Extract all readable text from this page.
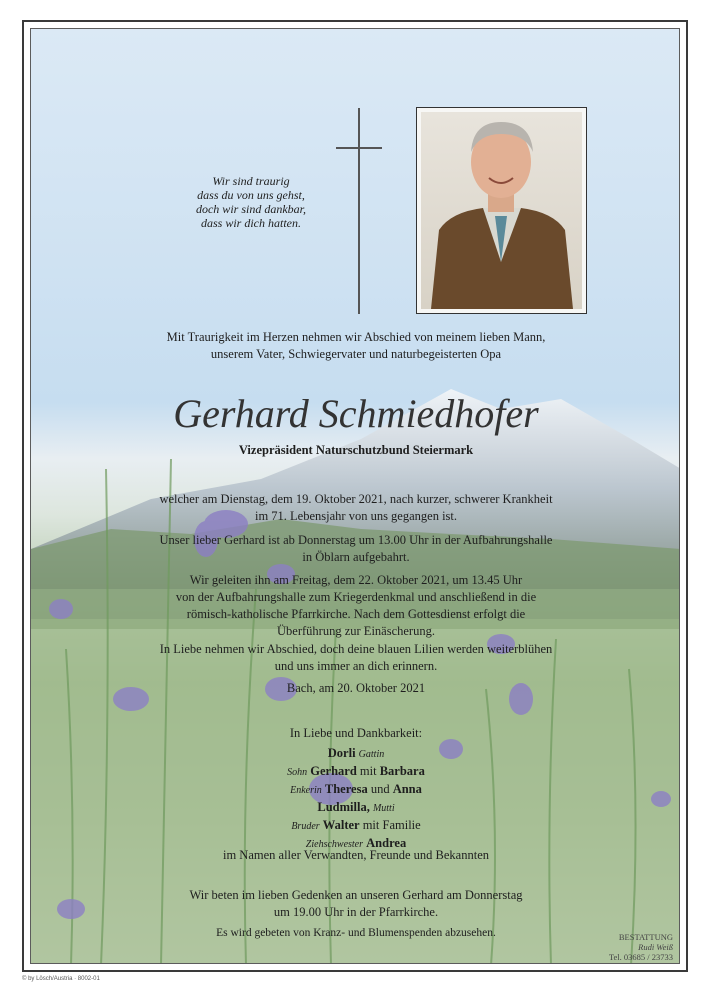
Wir sind traurig
dass du von uns gehst,
doch wir sind dankbar,
dass wir dich hatten.
Mit Traurigkeit im Herzen nehmen wir Abschied von meinem lieben Mann,
unserem Vater, Schwiegervater und naturbegeisterten Opa
Gerhard Schmiedhofer
Vizepräsident Naturschutzbund Steiermark
welcher am Dienstag, dem 19. Oktober 2021, nach kurzer, schwerer Krankheit
im 71. Lebensjahr von uns gegangen ist.
Unser lieber Gerhard ist ab Donnerstag um 13.00 Uhr in der Aufbahrungshalle
in Öblarn aufgebahrt.
Wir geleiten ihn am Freitag, dem 22. Oktober 2021, um 13.45 Uhr
von der Aufbahrungshalle zum Kriegerdenkmal und anschließend in die
römisch-katholische Pfarrkirche. Nach dem Gottesdienst erfolgt die
Überführung zur Einäscherung.
In Liebe nehmen wir Abschied, doch deine blauen Lilien werden weiterblühen
und uns immer an dich erinnern.
Bach, am 20. Oktober 2021
In Liebe und Dankbarkeit:
Dorli Gattin
Sohn Gerhard mit Barbara
Enkerin Theresa und Anna
Ludmilla, Mutti
Bruder Walter mit Familie
Ziehschwester Andrea
im Namen aller Verwandten, Freunde und Bekannten
Wir beten im lieben Gedenken an unseren Gerhard am Donnerstag
um 19.00 Uhr in der Pfarrkirche.
Es wird gebeten von Kranz- und Blumenspenden abzusehen.	BESTATTUNG
Rudi Weiß
Tel. 03685 / 23733
© by Lösch/Austria · 8002-01
